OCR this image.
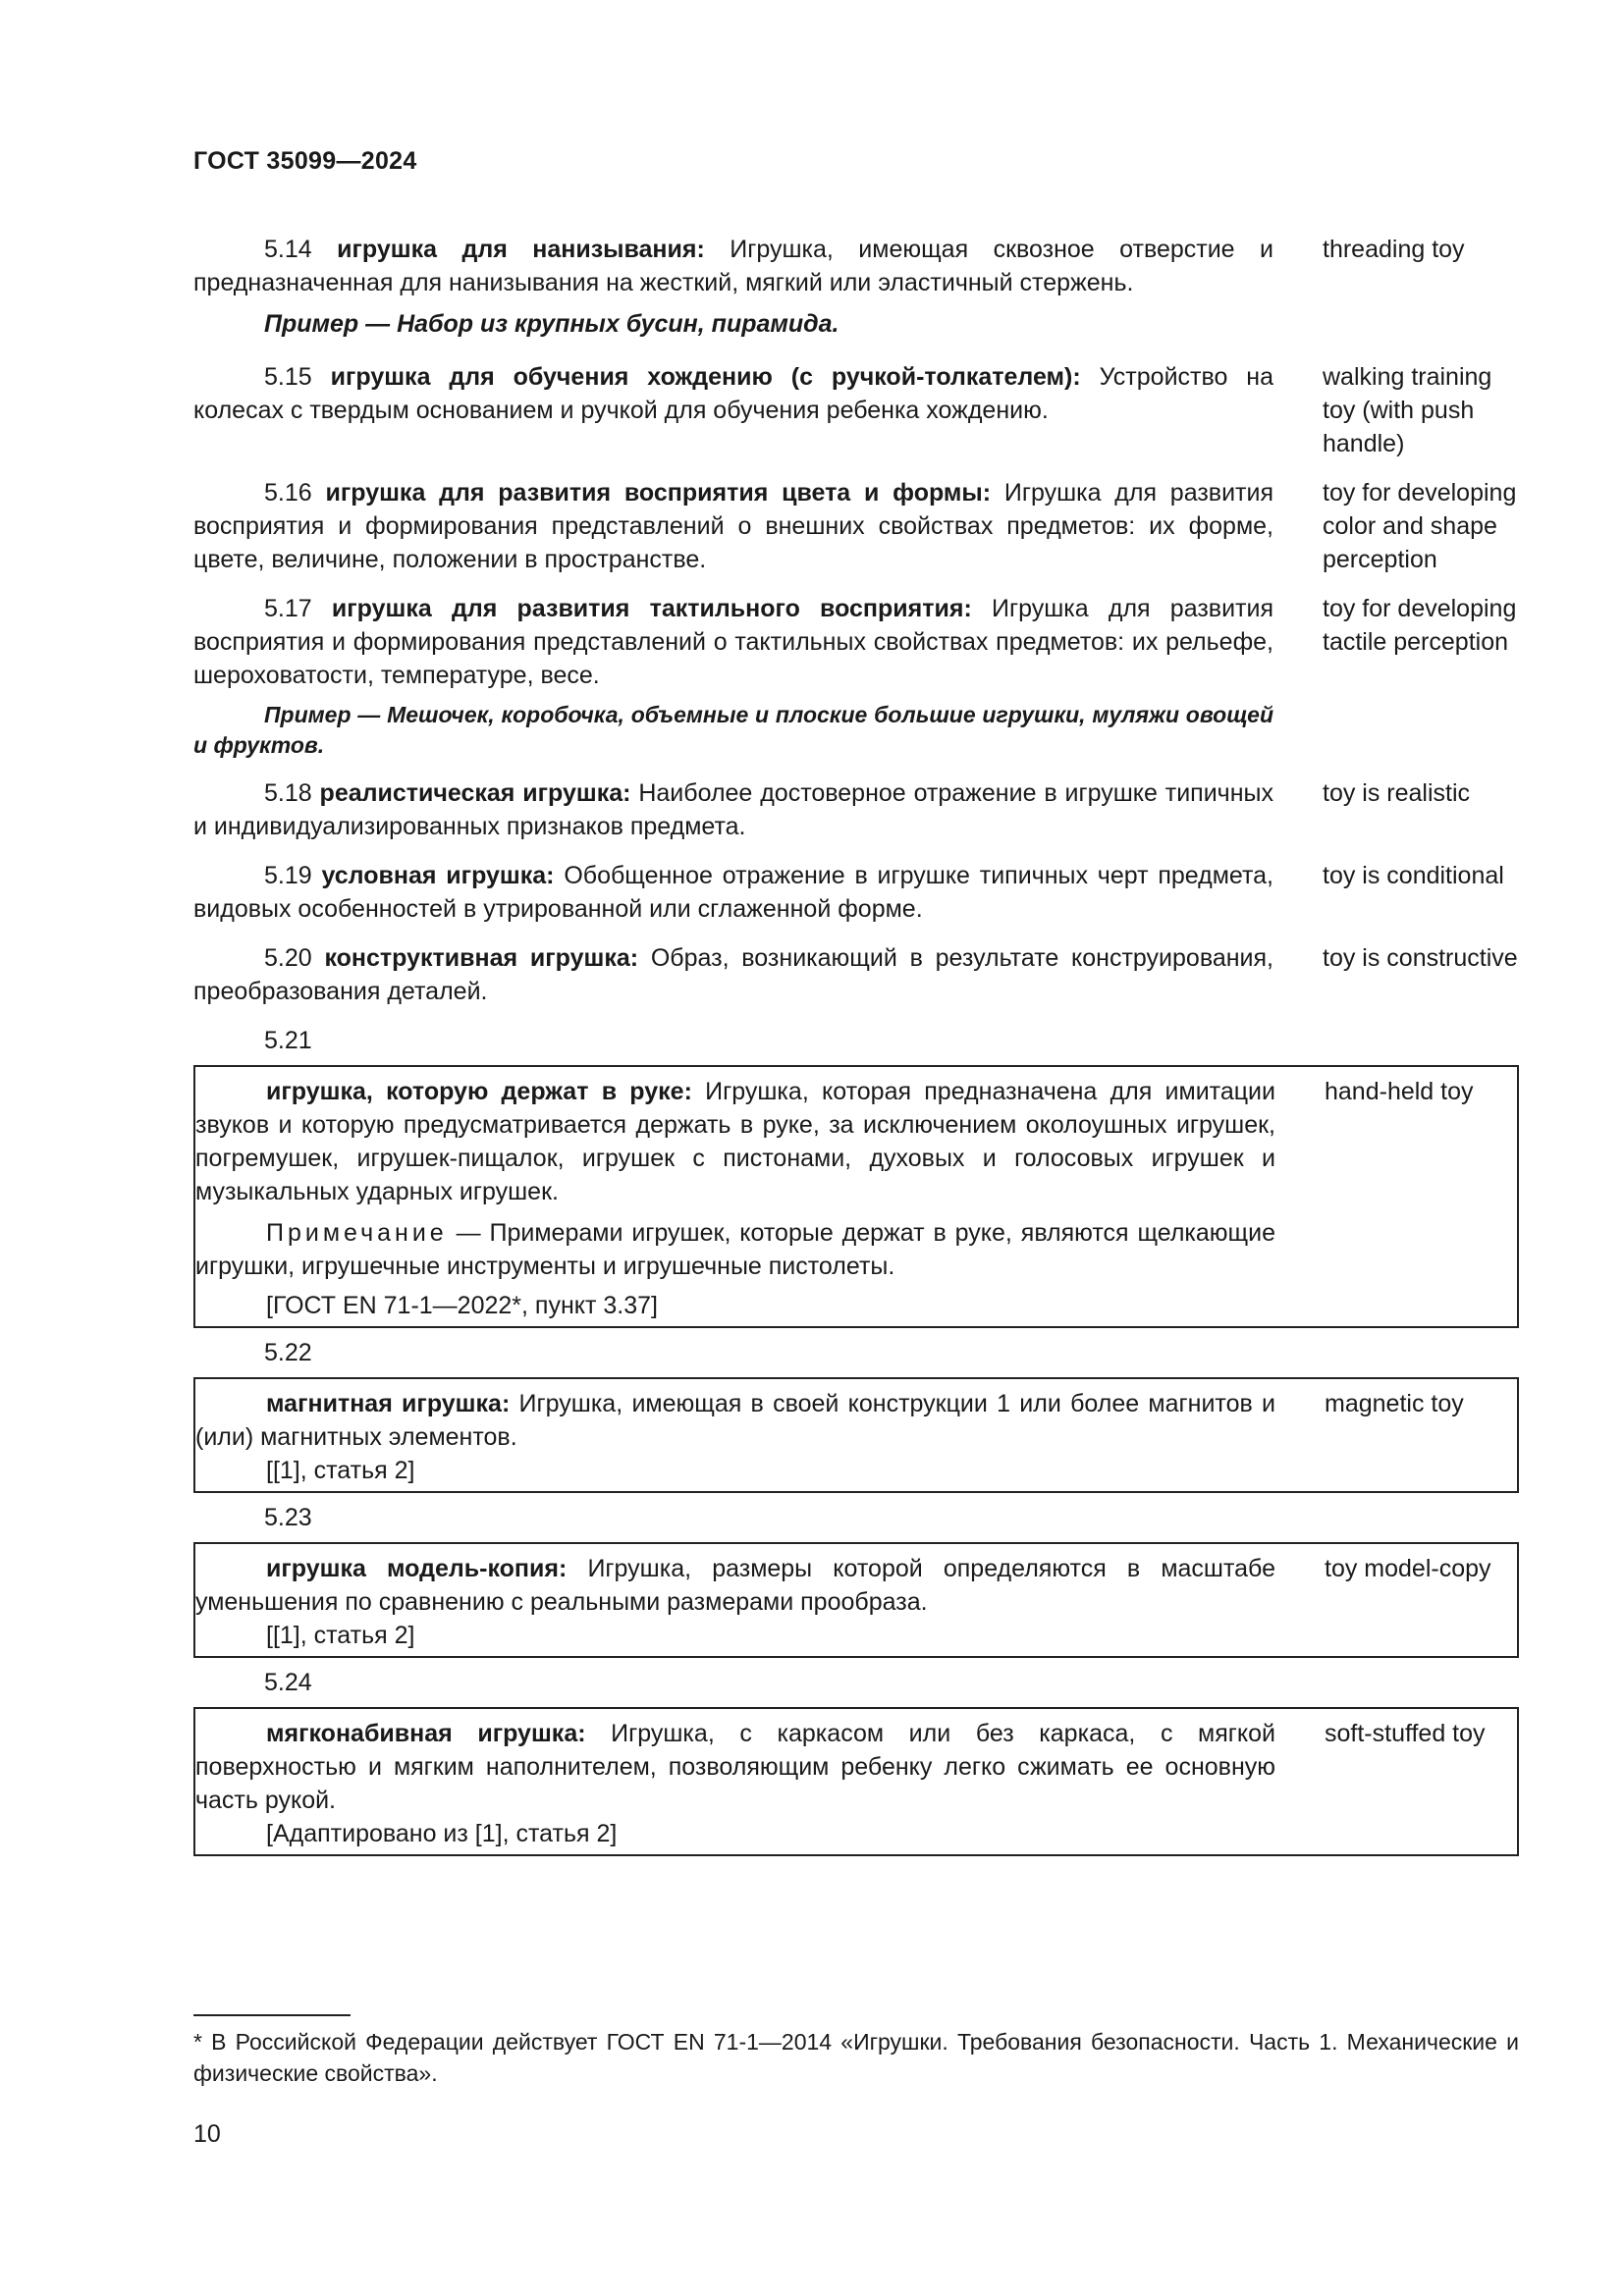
ГОСТ 35099—2024
5.14 игрушка для нанизывания: Игрушка, имеющая сквозное отверстие и предназначенная для нанизывания на жесткий, мягкий или эластичный стержень.
threading toy
Пример — Набор из крупных бусин, пирамида.
5.15 игрушка для обучения хождению (с ручкой-толкателем): Устройство на колесах с твердым основанием и ручкой для обучения ребенка хождению.
walking training toy (with push handle)
5.16 игрушка для развития восприятия цвета и формы: Игрушка для развития восприятия и формирования представлений о внешних свойствах предметов: их форме, цвете, величине, положении в пространстве.
toy for developing color and shape perception
5.17 игрушка для развития тактильного восприятия: Игрушка для развития восприятия и формирования представлений о тактильных свойствах предметов: их рельефе, шероховатости, температуре, весе.
Пример — Мешочек, коробочка, объемные и плоские большие игрушки, муляжи овощей и фруктов.
toy for developing tactile perception
5.18 реалистическая игрушка: Наиболее достоверное отражение в игрушке типичных и индивидуализированных признаков предмета.
toy is realistic
5.19 условная игрушка: Обобщенное отражение в игрушке типичных черт предмета, видовых особенностей в утрированной или сглаженной форме.
toy is conditional
5.20 конструктивная игрушка: Образ, возникающий в результате конструирования, преобразования деталей.
toy is constructive
5.21
игрушка, которую держат в руке: Игрушка, которая предназначена для имитации звуков и которую предусматривается держать в руке, за исключением околоушных игрушек, погремушек, игрушек-пищалок, игрушек с пистонами, духовых и голосовых игрушек и музыкальных ударных игрушек.
hand-held toy
Примечание — Примерами игрушек, которые держат в руке, являются щелкающие игрушки, игрушечные инструменты и игрушечные пистолеты.
[ГОСТ EN 71-1—2022*, пункт 3.37]
5.22
магнитная игрушка: Игрушка, имеющая в своей конструкции 1 или более магнитов и (или) магнитных элементов.
magnetic toy
[[1], статья 2]
5.23
игрушка модель-копия: Игрушка, размеры которой определяются в масштабе уменьшения по сравнению с реальными размерами прообраза.
toy model-copy
[[1], статья 2]
5.24
мягконабивная игрушка: Игрушка, с каркасом или без каркаса, с мягкой поверхностью и мягким наполнителем, позволяющим ребенку легко сжимать ее основную часть рукой.
soft-stuffed toy
[Адаптировано из [1], статья 2]
* В Российской Федерации действует ГОСТ EN 71-1—2014 «Игрушки. Требования безопасности. Часть 1. Механические и физические свойства».
10
